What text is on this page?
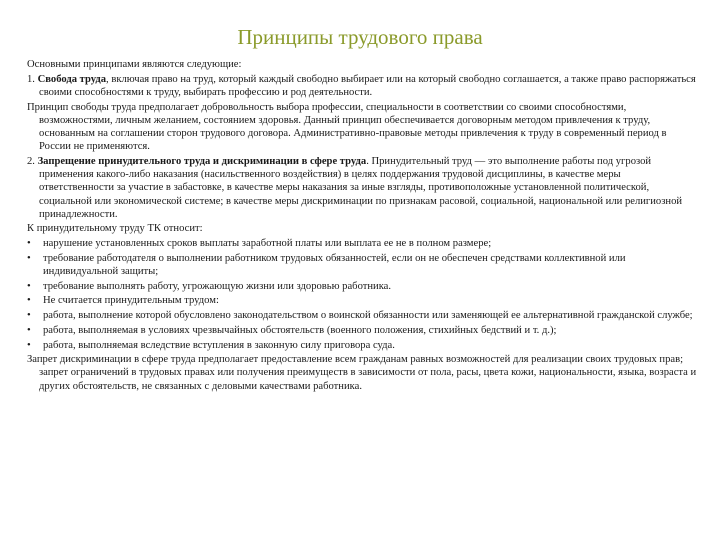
Принципы трудового права
Основными принципами являются следующие:
1. Свобода труда, включая право на труд, который каждый свободно выбирает или на который свободно соглашается, а также право распоряжаться своими способностями к труду, выбирать профессию и род деятельности.
Принцип свободы труда предполагает добровольность выбора профессии, специальности в соответствии со своими способностями, возможностями, личным желанием, состоянием здоровья. Данный принцип обеспечивается договорным методом привлечения к труду, основанным на соглашении сторон трудового договора. Административно-правовые методы привлечения к труду в современный период в России не применяются.
2. Запрещение принудительного труда и дискриминации в сфере труда. Принудительный труд — это выполнение работы под угрозой применения какого-либо наказания (насильственного воздействия) в целях поддержания трудовой дисциплины, в качестве меры ответственности за участие в забастовке, в качестве меры наказания за иные взгляды, противоположные установленной политической, социальной или экономической системе; в качестве меры дискриминации по признакам расовой, социальной, национальной или религиозной принадлежности.
К принудительному труду ТК относит:
•	нарушение установленных сроков выплаты заработной платы или выплата ее не в полном размере;
•	требование работодателя о выполнении работником трудовых обязанностей, если он не обеспечен средствами коллективной или индивидуальной защиты;
•	требование выполнять работу, угрожающую жизни или здоровью работника.
•	Не считается принудительным трудом:
•	работа, выполнение которой обусловлено законодательством о воинской обязанности или заменяющей ее альтернативной гражданской службе;
•	работа, выполняемая в условиях чрезвычайных обстоятельств (военного положения, стихийных бедствий и т. д.);
•	работа, выполняемая вследствие вступления в законную силу приговора суда.
Запрет дискриминации в сфере труда предполагает предоставление всем гражданам равных возможностей для реализации своих трудовых прав; запрет ограничений в трудовых правах или получения преимуществ в зависимости от пола, расы, цвета кожи, национальности, языка, возраста и других обстоятельств, не связанных с деловыми качествами работника.
